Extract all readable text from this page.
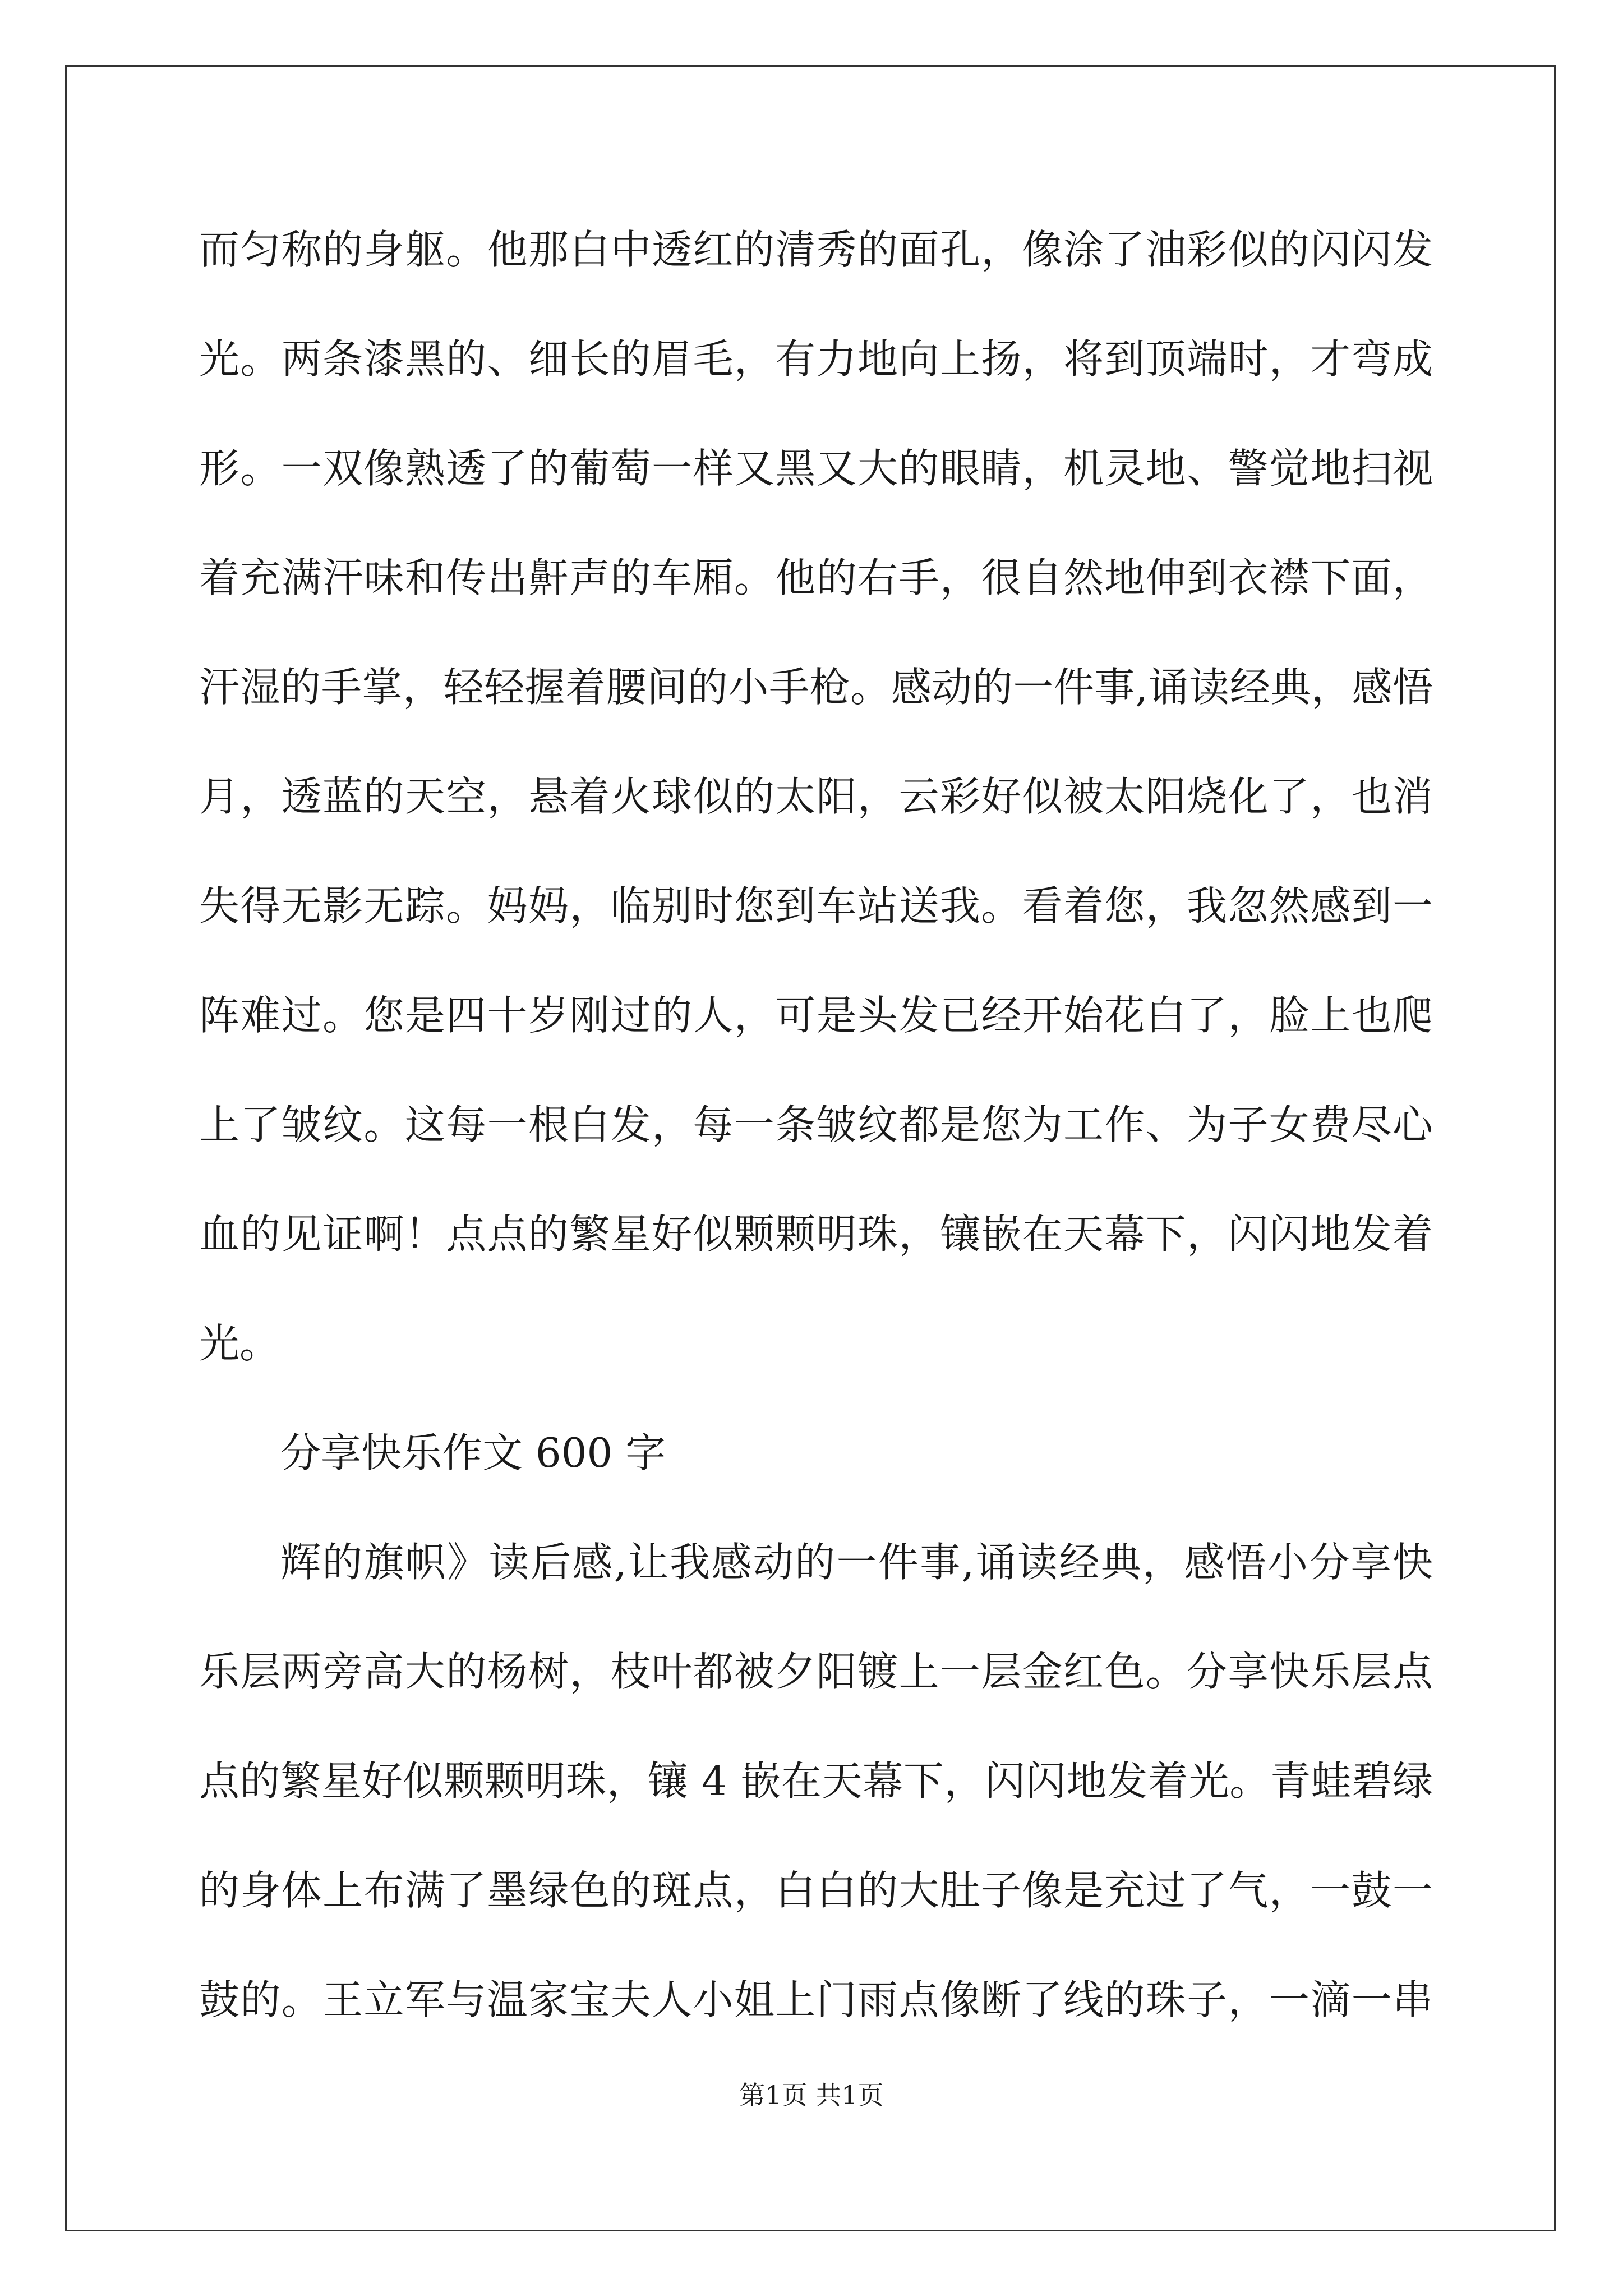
而匀称的身躯。他那白中透红的清秀的面孔，像涂了油彩似的闪闪发
光。两条漆黑的、细长的眉毛，有力地向上扬，将到顶端时，才弯成
形。一双像熟透了的葡萄一样又黑又大的眼睛，机灵地、警觉地扫视
着充满汗味和传出鼾声的车厢。他的右手，很自然地伸到衣襟下面，
汗湿的手掌，轻轻握着腰间的小手枪。感动的一件事,诵读经典，感悟
月，透蓝的天空，悬着火球似的太阳，云彩好似被太阳烧化了，也消
失得无影无踪。妈妈，临别时您到车站送我。看着您，我忽然感到一
阵难过。您是四十岁刚过的人，可是头发已经开始花白了，脸上也爬
上了皱纹。这每一根白发，每一条皱纹都是您为工作、为子女费尽心
血的见证啊！点点的繁星好似颗颗明珠，镶嵌在天幕下，闪闪地发着
光。
分享快乐作文 600 字
辉的旗帜》读后感,让我感动的一件事,诵读经典，感悟小分享快
乐层两旁高大的杨树，枝叶都被夕阳镀上一层金红色。分享快乐层点
点的繁星好似颗颗明珠，镶 4 嵌在天幕下，闪闪地发着光。青蛙碧绿
的身体上布满了墨绿色的斑点，白白的大肚子像是充过了气，一鼓一
鼓的。王立军与温家宝夫人小姐上门雨点像断了线的珠子，一滴一串
第1页 共1页
